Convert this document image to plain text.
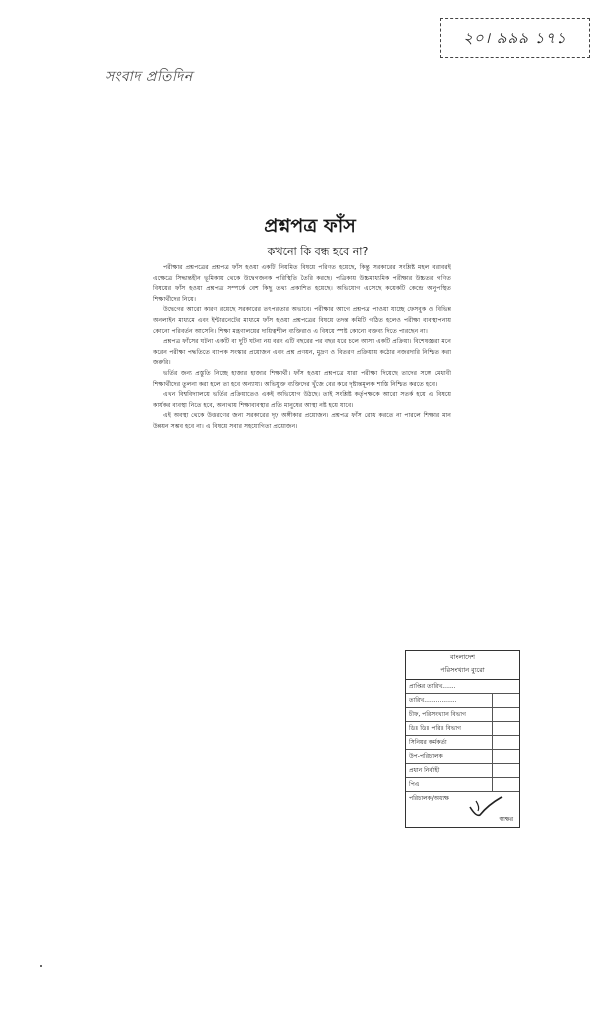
২০। ৯৯৯ ১৭১
সংবাদ প্রতিদিন
প্রশ্নপত্র ফাঁস
কখনো কি বন্ধ হবে না?

পরীক্ষার প্রশ্নপত্রের প্রশ্নপত্র ফাঁস হওয়া একটি নিয়মিত বিষয়ে পরিণত হয়েছে, কিন্তু সরকারের সংশ্লিষ্ট মহল বরাবরই এক্ষেত্রে সিদ্ধান্তহীন ভূমিকায় থেকে উদ্বেগজনক পরিস্থিতি তৈরি করছে। পত্রিকায় উচ্চমাধ্যমিক পরীক্ষার উচ্চতর গণিত বিষয়ের ফাঁস হওয়া প্রশ্নপত্র সম্পর্কে বেশ কিছু তথ্য প্রকাশিত হয়েছে। অভিযোগ এসেছে কয়েকটি কেন্দ্রে অনুপস্থিত শিক্ষার্থীদের নিয়ে।

উদ্বেগের আরো কারণ রয়েছে সরকারের তৎপরতার অভাবে। পরীক্ষার আগে প্রশ্নপত্র পাওয়া যাচ্ছে ফেসবুক ও বিভিন্ন অনলাইন মাধ্যমে এবং ইন্টারনেটের মাধ্যমে ফাঁস হওয়া প্রশ্নপত্রের বিষয়ে তদন্ত কমিটি গঠিত হলেও পরীক্ষা ব্যবস্থাপনায় কোনো পরিবর্তন আসেনি। শিক্ষা মন্ত্রণালয়ের দায়িত্বশীল ব্যক্তিরাও এ বিষয়ে স্পষ্ট কোনো বক্তব্য দিতে পারছেন না।

প্রশ্নপত্র ফাঁসের ঘটনা একটি বা দুটি ঘটনা নয় বরং এটি বছরের পর বছর ধরে চলে আসা একটি প্রক্রিয়া। বিশেষজ্ঞরা মনে করেন পরীক্ষা পদ্ধতিতে ব্যাপক সংস্কার প্রয়োজন এবং প্রশ্ন প্রণয়ন, মুদ্রণ ও বিতরণ প্রক্রিয়ায় কঠোর নজরদারি নিশ্চিত করা জরুরি।

ভর্তির জন্য প্রস্তুতি নিচ্ছে হাজার হাজার শিক্ষার্থী। ফাঁস হওয়া প্রশ্নপত্রে যারা পরীক্ষা দিয়েছে তাদের সঙ্গে মেধাবী শিক্ষার্থীদের তুলনা করা হলে তা হবে অন্যায্য। অভিযুক্ত ব্যক্তিদের খুঁজে বের করে দৃষ্টান্তমূলক শাস্তি নিশ্চিত করতে হবে।

এখন বিশ্ববিদ্যালয়ে ভর্তির প্রক্রিয়াতেও একই অভিযোগ উঠছে। তাই সংশ্লিষ্ট কর্তৃপক্ষকে আরো সতর্ক হয়ে এ বিষয়ে কার্যকর ব্যবস্থা নিতে হবে, অন্যথায় শিক্ষাব্যবস্থার প্রতি মানুষের আস্থা নষ্ট হয়ে যাবে।

এই অবস্থা থেকে উত্তরণের জন্য সরকারের দৃঢ় অঙ্গীকার প্রয়োজন। প্রশ্নপত্র ফাঁস রোধ করতে না পারলে শিক্ষার মান উন্নয়ন সম্ভব হবে না। এ বিষয়ে সবার সহযোগিতা প্রয়োজন।

বাংলাদেশ
পরিসংখ্যান ব্যুরো
প্রাপ্তির তারিখ.......
তারিখ.................
চীফ, পরিসংখ্যান বিভাগ
ডিঃ ডিঃ পরিঃ বিভাগ
সিনিয়র কর্মকর্তা
উপ-পরিচালক
প্রধান নির্বাহী
পিএ
পরিচালক/অধ্যক্ষ
স্বাক্ষর
